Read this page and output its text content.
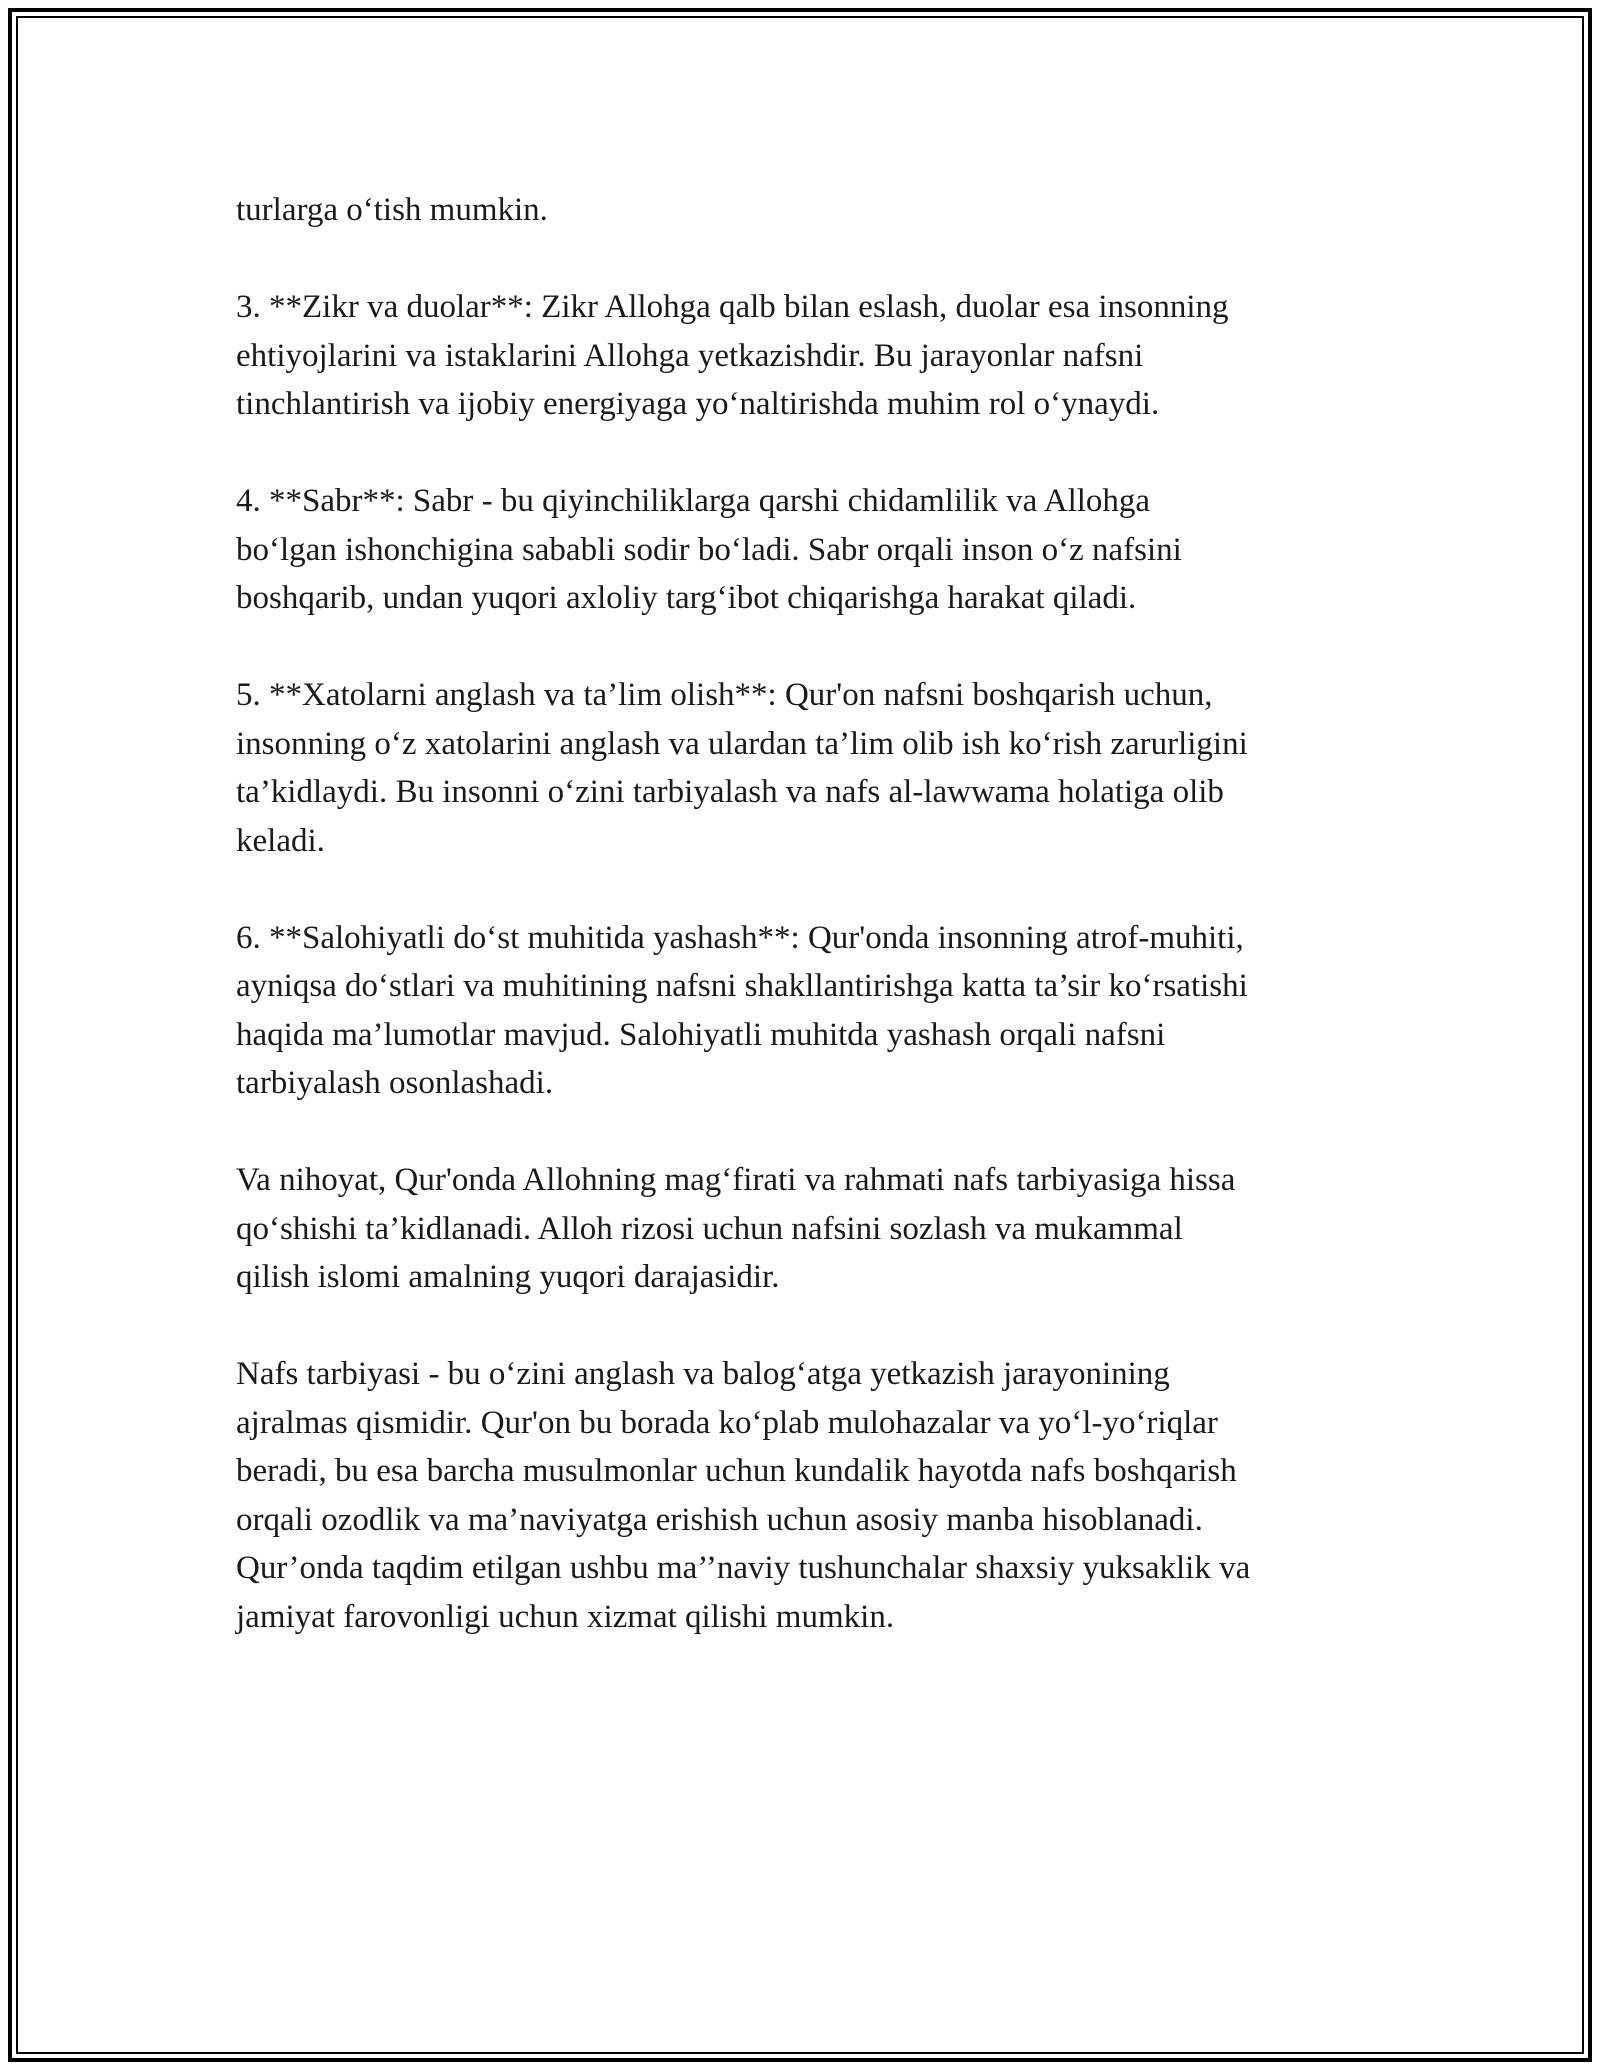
turlarga o‘tish mumkin.

3. **Zikr va duolar**: Zikr Allohga qalb bilan eslash, duolar esa insonning
ehtiyojlarini va istaklarini Allohga yetkazishdir. Bu jarayonlar nafsni
tinchlantirish va ijobiy energiyaga yo‘naltirishda muhim rol o‘ynaydi.

4. **Sabr**: Sabr - bu qiyinchiliklarga qarshi chidamlilik va Allohga
bo‘lgan ishonchigina sababli sodir bo‘ladi. Sabr orqali inson o‘z nafsini
boshqarib, undan yuqori axloliy targ‘ibot chiqarishga harakat qiladi.

5. **Xatolarni anglash va ta’lim olish**: Qur'on nafsni boshqarish uchun,
insonning o‘z xatolarini anglash va ulardan ta’lim olib ish ko‘rish zarurligini
ta’kidlaydi. Bu insonni o‘zini tarbiyalash va nafs al-lawwama holatiga olib
keladi.

6. **Salohiyatli do‘st muhitida yashash**: Qur'onda insonning atrof-muhiti,
ayniqsa do‘stlari va muhitining nafsni shakllantirishga katta ta’sir ko‘rsatishi
haqida ma’lumotlar mavjud. Salohiyatli muhitda yashash orqali nafsni
tarbiyalash osonlashadi.

Va nihoyat, Qur'onda Allohning mag‘firati va rahmati nafs tarbiyasiga hissa
qo‘shishi ta’kidlanadi. Alloh rizosi uchun nafsini sozlash va mukammal
qilish islomi amalning yuqori darajasidir.

Nafs tarbiyasi - bu o‘zini anglash va balog‘atga yetkazish jarayonining
ajralmas qismidir. Qur'on bu borada ko‘plab mulohazalar va yo‘l-yo‘riqlar
beradi, bu esa barcha musulmonlar uchun kundalik hayotda nafs boshqarish
orqali ozodlik va ma’naviyatga erishish uchun asosiy manba hisoblanadi.
Qur’onda taqdim etilgan ushbu ma’’naviy tushunchalar shaxsiy yuksaklik va
jamiyat farovonligi uchun xizmat qilishi mumkin.
